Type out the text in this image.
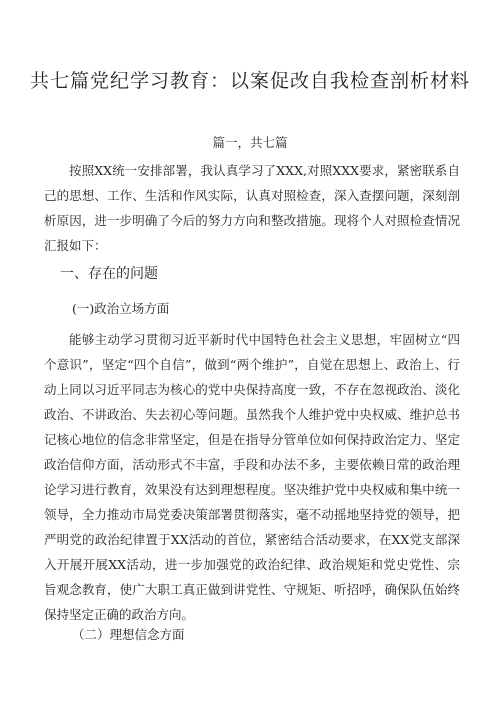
共七篇党纪学习教育：以案促改自我检查剖析材料
篇一，共七篇

按照XX统一安排部署，我认真学习了XXX,对照XXX要求，紧密联系自己的思想、工作、生活和作风实际，认真对照检查，深入查摆问题，深刻剖析原因，进一步明确了今后的努力方向和整改措施。现将个人对照检查情况汇报如下：

一、存在的问题
(一)政治立场方面

能够主动学习贯彻习近平新时代中国特色社会主义思想，牢固树立“四个意识”，坚定“四个自信”，做到“两个维护”，自觉在思想上、政治上、行动上同以习近平同志为核心的党中央保持高度一致，不存在忽视政治、淡化政治、不讲政治、失去初心等问题。虽然我个人维护党中央权威、维护总书记核心地位的信念非常坚定，但是在指导分管单位如何保持政治定力、坚定政治信仰方面，活动形式不丰富，手段和办法不多，主要依赖日常的政治理论学习进行教育，效果没有达到理想程度。坚决维护党中央权威和集中统一领导，全力推动市局党委决策部署贯彻落实，毫不动摇地坚持党的领导，把严明党的政治纪律置于XX活动的首位，紧密结合活动要求，在XX党支部深入开展开展XX活动，进一步加强党的政治纪律、政治规矩和党史党性、宗旨观念教育，使广大职工真正做到讲党性、守规矩、听招呼，确保队伍始终保持坚定正确的政治方向。

（二）理想信念方面
